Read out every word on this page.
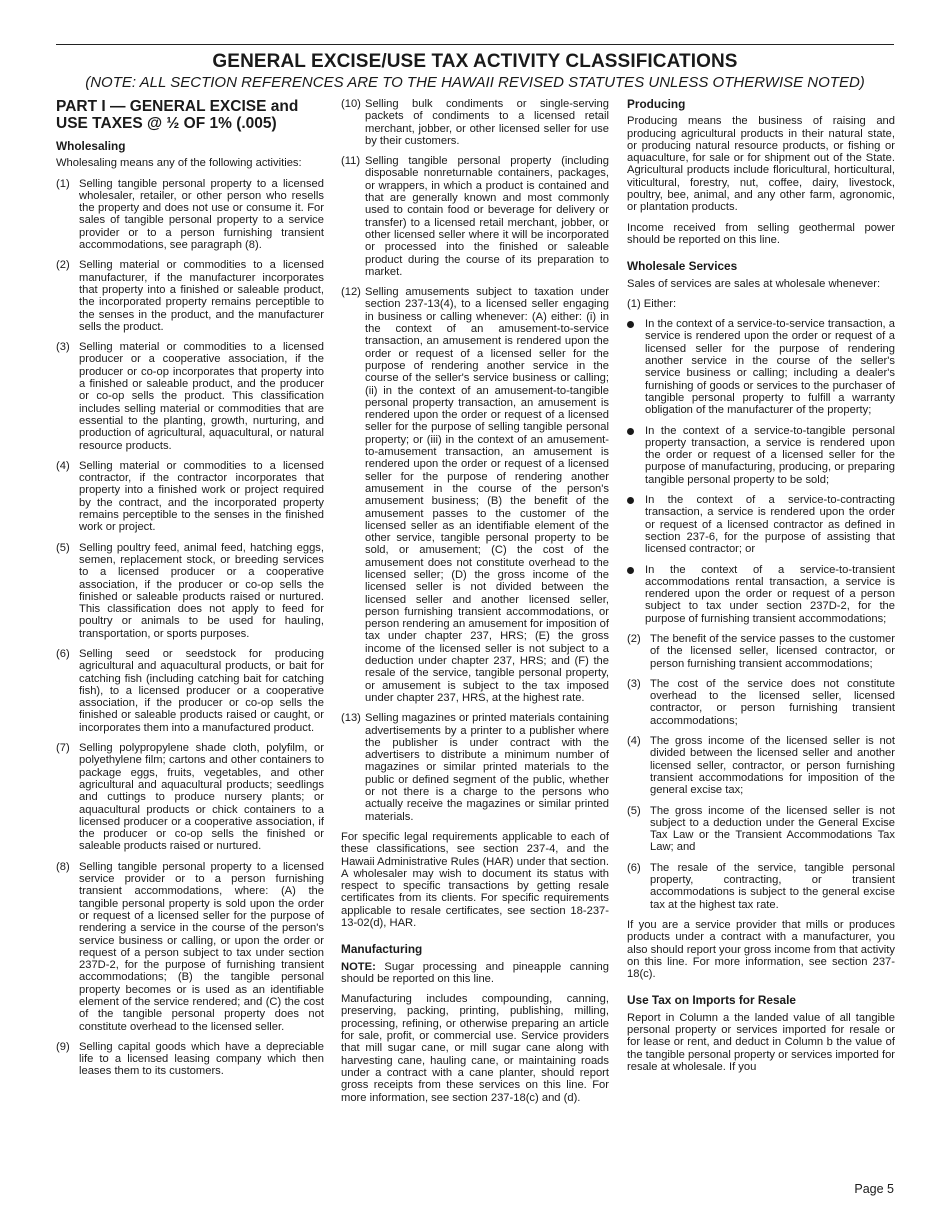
GENERAL EXCISE/USE TAX ACTIVITY CLASSIFICATIONS
(NOTE: ALL SECTION REFERENCES ARE TO THE HAWAII REVISED STATUTES UNLESS OTHERWISE NOTED)
PART I — GENERAL EXCISE and USE TAXES @ ½ OF 1% (.005)
Wholesaling

Wholesaling means any of the following activities:

(1) Selling tangible personal property to a licensed wholesaler, retailer, or other person who resells the property and does not use or consume it. For sales of tangible personal property to a service provider or to a person furnishing transient accommodations, see paragraph (8).
(2) Selling material or commodities to a licensed manufacturer, if the manufacturer incorporates that property into a finished or saleable product, the incorporated property remains perceptible to the senses in the product, and the manufacturer sells the product.
(3) Selling material or commodities to a licensed producer or a cooperative association, if the producer or co-op incorporates that property into a finished or saleable product, and the producer or co-op sells the product. This classification includes selling material or commodities that are essential to the planting, growth, nurturing, and production of agricultural, aquacultural, or natural resource products.
(4) Selling material or commodities to a licensed contractor, if the contractor incorporates that property into a finished work or project required by the contract, and the incorporated property remains perceptible to the senses in the finished work or project.
(5) Selling poultry feed, animal feed, hatching eggs, semen, replacement stock, or breeding services to a licensed producer or a cooperative association, if the producer or co-op sells the finished or saleable products raised or nurtured. This classification does not apply to feed for poultry or animals to be used for hauling, transportation, or sports purposes.
(6) Selling seed or seedstock for producing agricultural and aquacultural products, or bait for catching fish (including catching bait for catching fish), to a licensed producer or a cooperative association, if the producer or co-op sells the finished or saleable products raised or caught, or incorporates them into a manufactured product.
(7) Selling polypropylene shade cloth, polyfilm, or polyethylene film; cartons and other containers to package eggs, fruits, vegetables, and other agricultural and aquacultural products; seedlings and cuttings to produce nursery plants; or aquacultural products or chick containers to a licensed producer or a cooperative association, if the producer or co-op sells the finished or saleable products raised or nurtured.
(8) Selling tangible personal property to a licensed service provider or to a person furnishing transient accommodations, where: (A) the tangible personal property is sold upon the order or request of a licensed seller for the purpose of rendering a service in the course of the person's service business or calling, or upon the order or request of a person subject to tax under section 237D-2, for the purpose of furnishing transient accommodations; (B) the tangible personal property becomes or is used as an identifiable element of the service rendered; and (C) the cost of the tangible personal property does not constitute overhead to the licensed seller.
(9) Selling capital goods which have a depreciable life to a licensed leasing company which then leases them to its customers.
(10) Selling bulk condiments or single-serving packets of condiments to a licensed retail merchant, jobber, or other licensed seller for use by their customers.
(11) Selling tangible personal property (including disposable nonreturnable containers, packages, or wrappers, in which a product is contained and that are generally known and most commonly used to contain food or beverage for delivery or transfer) to a licensed retail merchant, jobber, or other licensed seller where it will be incorporated or processed into the finished or saleable product during the course of its preparation to market.
(12) Selling amusements subject to taxation under section 237-13(4), to a licensed seller engaging in business or calling whenever: (A) either: (i) in the context of an amusement-to-service transaction, an amusement is rendered upon the order or request of a licensed seller for the purpose of rendering another service in the course of the seller's service business or calling; (ii) in the context of an amusement-to-tangible personal property transaction, an amusement is rendered upon the order or request of a licensed seller for the purpose of selling tangible personal property; or (iii) in the context of an amusement-to-amusement transaction, an amusement is rendered upon the order or request of a licensed seller for the purpose of rendering another amusement in the course of the person's amusement business; (B) the benefit of the amusement passes to the customer of the licensed seller as an identifiable element of the other service, tangible personal property to be sold, or amusement; (C) the cost of the amusement does not constitute overhead to the licensed seller; (D) the gross income of the licensed seller is not divided between the licensed seller and another licensed seller, person furnishing transient accommodations, or person rendering an amusement for imposition of tax under chapter 237, HRS; (E) the gross income of the licensed seller is not subject to a deduction under chapter 237, HRS; and (F) the resale of the service, tangible personal property, or amusement is subject to the tax imposed under chapter 237, HRS, at the highest rate.
(13) Selling magazines or printed materials containing advertisements by a printer to a publisher where the publisher is under contract with the advertisers to distribute a minimum number of magazines or similar printed materials to the public or defined segment of the public, whether or not there is a charge to the persons who actually receive the magazines or similar printed materials.

For specific legal requirements applicable to each of these classifications, see section 237-4, and the Hawaii Administrative Rules (HAR) under that section. A wholesaler may wish to document its status with respect to specific transactions by getting resale certificates from its clients. For specific requirements applicable to resale certificates, see section 18-237-13-02(d), HAR.

Manufacturing

NOTE: Sugar processing and pineapple canning should be reported on this line.

Manufacturing includes compounding, canning, preserving, packing, printing, publishing, milling, processing, refining, or otherwise preparing an article for sale, profit, or commercial use. Service providers that mill sugar cane, or mill sugar cane along with harvesting cane, hauling cane, or maintaining roads under a contract with a cane planter, should report gross receipts from these services on this line. For more information, see section 237-18(c) and (d).

Producing

Producing means the business of raising and producing agricultural products in their natural state, or producing natural resource products, or fishing or aquaculture, for sale or for shipment out of the State. Agricultural products include floricultural, horticultural, viticultural, forestry, nut, coffee, dairy, livestock, poultry, bee, animal, and any other farm, agronomic, or plantation products.

Income received from selling geothermal power should be reported on this line.

Wholesale Services

Sales of services are sales at wholesale whenever:

(1) Either:

In the context of a service-to-service transaction, a service is rendered upon the order or request of a licensed seller for the purpose of rendering another service in the course of the seller's service business or calling; including a dealer's furnishing of goods or services to the purchaser of tangible personal property to fulfill a warranty obligation of the manufacturer of the property;
In the context of a service-to-tangible personal property transaction, a service is rendered upon the order or request of a licensed seller for the purpose of manufacturing, producing, or preparing tangible personal property to be sold;
In the context of a service-to-contracting transaction, a service is rendered upon the order or request of a licensed contractor as defined in section 237-6, for the purpose of assisting that licensed contractor; or
In the context of a service-to-transient accommodations rental transaction, a service is rendered upon the order or request of a person subject to tax under section 237D-2, for the purpose of furnishing transient accommodations;
(2) The benefit of the service passes to the customer of the licensed seller, licensed contractor, or person furnishing transient accommodations;
(3) The cost of the service does not constitute overhead to the licensed seller, licensed contractor, or person furnishing transient accommodations;
(4) The gross income of the licensed seller is not divided between the licensed seller and another licensed seller, contractor, or person furnishing transient accommodations for imposition of the general excise tax;
(5) The gross income of the licensed seller is not subject to a deduction under the General Excise Tax Law or the Transient Accommodations Tax Law; and
(6) The resale of the service, tangible personal property, contracting, or transient accommodations is subject to the general excise tax at the highest tax rate.

If you are a service provider that mills or produces products under a contract with a manufacturer, you also should report your gross income from that activity on this line. For more information, see section 237-18(c).

Use Tax on Imports for Resale

Report in Column a the landed value of all tangible personal property or services imported for resale or for lease or rent, and deduct in Column b the value of the tangible personal property or services imported for resale at wholesale. If you

Page 5
